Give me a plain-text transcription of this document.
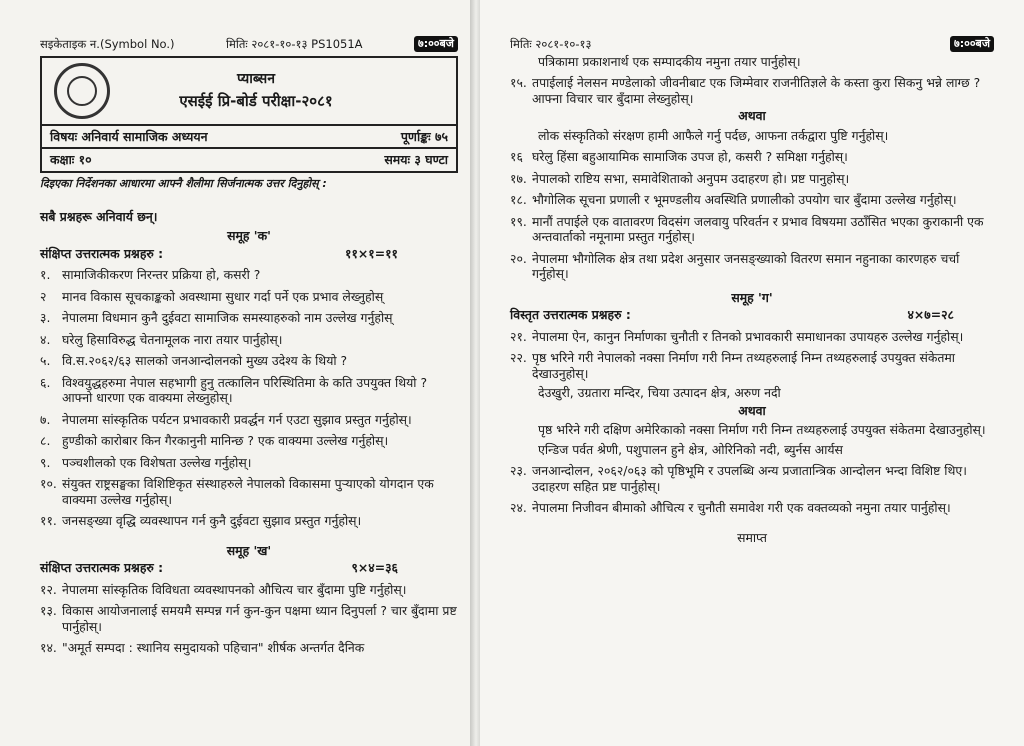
सइकेताइक न.(Symbol No.)	मितिः २०८१-१०-१३ PS1051A	७:००बजे
प्याब्सन
एसईई प्रि-बोर्ड परीक्षा-२०८१
विषयः अनिवार्य सामाजिक अध्ययन	पूर्णाङ्कः ७५
कक्षाः १०	समयः ३ घण्टा
दिइएका निर्देशनका आधारमा आफ्नै शैलीमा सिर्जनात्मक उत्तर दिनुहोस् :
सबै प्रश्नहरू अनिवार्य छन्।
समूह 'क'
संक्षिप्त उत्तरात्मक प्रश्नहरु :	११×१=११
१. सामाजिकीकरण निरन्तर प्रक्रिया हो, कसरी ?
२	मानव विकास सूचकाङ्कको अवस्थामा सुधार गर्दा पर्ने एक प्रभाव लेख्नुहोस्
३. नेपालमा विधमान कुनै दुईवटा सामाजिक समस्याहरुको नाम उल्लेख गर्नुहोस्
४. घरेलु हिसाविरुद्ध चेतनामूलक नारा तयार पार्नुहोस्।
५. वि.स.२०६२/६३ सालको जनआन्दोलनको मुख्य उदेश्य के थियो ?
६. विश्वयुद्धहरुमा नेपाल सहभागी हुनु तत्कालिन परिस्थितिमा के कति उपयुक्त थियो ? आफ्नो धारणा एक वाक्यमा लेख्नुहोस्।
७. नेपालमा सांस्कृतिक पर्यटन प्रभावकारी प्रवर्द्धन गर्न एउटा सुझाव प्रस्तुत गर्नुहोस्।
८. हुण्डीको कारोबार किन गैरकानुनी मानिन्छ ? एक वाक्यमा उल्लेख गर्नुहोस्।
९. पञ्चशीलको एक विशेषता उल्लेख गर्नुहोस्।
१०. संयुक्त राष्ट्रसङ्घका विशिष्टिकृत संस्थाहरुले नेपालको विकासमा पुऱ्याएको योगदान एक वाक्यमा उल्लेख गर्नुहोस्।
११. जनसङ्ख्या वृद्धि व्यवस्थापन गर्न कुनै दुईवटा सुझाव प्रस्तुत गर्नुहोस्।
समूह 'ख'
संक्षिप्त उत्तरात्मक प्रश्नहरु :	९×४=३६
१२. नेपालमा सांस्कृतिक विविधता व्यवस्थापनको औचित्य चार बुँदामा पुष्टि गर्नुहोस्।
१३. विकास आयोजनालाई समयमै सम्पन्न गर्न कुन-कुन पक्षमा ध्यान दिनुपर्ला ? चार बुँदामा प्रष्ट पार्नुहोस्।
१४. "अमूर्त सम्पदा : स्थानिय समुदायको पहिचान" शीर्षक अन्तर्गत दैनिक
मितिः २०८१-१०-१३	७:००बजे
पत्रिकामा प्रकाशनार्थ एक सम्पादकीय नमुना तयार पार्नुहोस्।
१५. तपाईलाई नेलसन मण्डेलाको जीवनीबाट एक जिम्मेवार राजनीतिज्ञले के कस्ता कुरा सिकनु भन्ने लाग्छ ? आफ्ना विचार चार बुँदामा लेख्नुहोस्।
अथवा
लोक संस्कृतिको संरक्षण हामी आफैले गर्नु पर्दछ, आफना तर्कद्वारा पुष्टि गर्नुहोस्।
१६ घरेलु हिंसा बहुआयामिक सामाजिक उपज हो, कसरी ? समिक्षा गर्नुहोस्।
१७. नेपालको राष्टिय सभा, समावेशिताको अनुपम उदाहरण हो। प्रष्ट पानुहोस्।
१८. भौगोलिक सूचना प्रणाली र भूमण्डलीय अवस्थिति प्रणालीको उपयोग चार बुँदामा उल्लेख गर्नुहोस्।
१९. मानौं तपाईले एक वातावरण विदसंग जलवायु परिवर्तन र प्रभाव विषयमा उठाँसित भएका कुराकानी एक अन्तवार्ताको नमूनामा प्रस्तुत गर्नुहोस्।
२०. नेपालमा भौगोलिक क्षेत्र तथा प्रदेश अनुसार जनसङ्ख्याको वितरण समान नहुनाका कारणहरु चर्चा गर्नुहोस्।
समूह 'ग'
विस्तृत उत्तरात्मक प्रश्नहरु :	४×७=२८
२१. नेपालमा ऐन, कानुन निर्माणका चुनौती र तिनको प्रभावकारी समाधानका उपायहरु उल्लेख गर्नुहोस्।
२२. पृष्ठ भरिने गरी नेपालको नक्सा निर्माण गरी निम्न तथ्यहरुलाई निम्न तथ्यहरुलाई उपयुक्त संकेतमा देखाउनुहोस्।
देउखुरी, उग्रतारा मन्दिर, चिया उत्पादन क्षेत्र, अरुण नदी
अथवा
पृष्ठ भरिने गरी दक्षिण अमेरिकाको नक्सा निर्माण गरी निम्न तथ्यहरुलाई उपयुक्त संकेतमा देखाउनुहोस्।
एन्डिज पर्वत श्रेणी, पशुपालन हुने क्षेत्र, ओरिनिको नदी, ब्युर्नस आर्यस
२३. जनआन्दोलन, २०६२/०६३ को पृष्ठिभूमि र उपलब्धि अन्य प्रजातान्त्रिक आन्दोलन भन्दा विशिष्ट थिए। उदाहरण सहित प्रष्ट पार्नुहोस्।
२४. नेपालमा निजीवन बीमाको औचित्य र चुनौती समावेश गरी एक वक्तव्यको नमुना तयार पार्नुहोस्।
समाप्त
